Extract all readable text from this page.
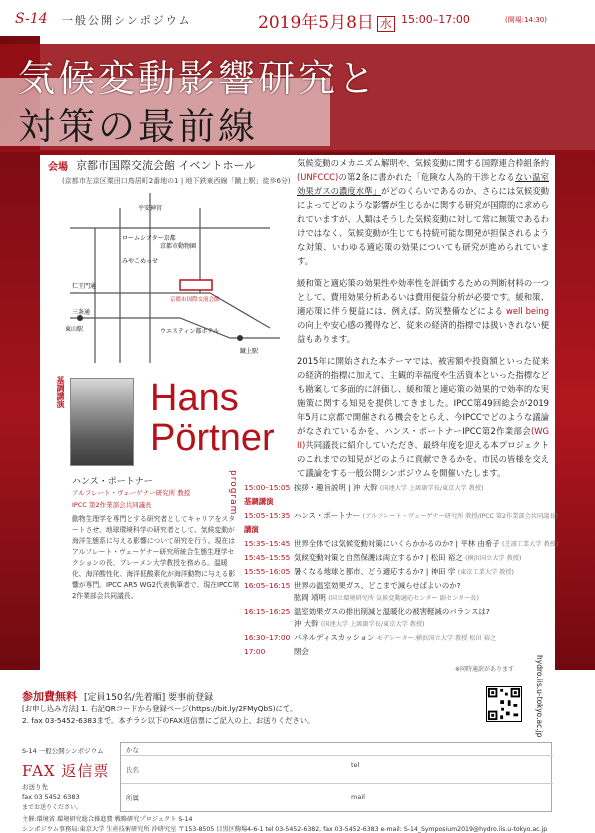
S-14 一般公開シンポジウム	2019年5月8日 水 15:00–17:00	(開場:14:30)
気候変動影響研究と
対策の最前線
会場 京都市国際交流会館 イベントホール
(京都市左京区粟田口鳥居町2番地の1 | 地下鉄東西線「蹴上駅」徒歩6分)
平安神宮
ロームシアター京都
京都市動物園
みやこめっせ
仁王門通
三条通
京都市国際交流会館
ウエスティン都ホテル
蹴上駅
東山駅

気候変動のメカニズム解明や、気候変動に関する国際連合枠組条約(UNFCCC)の第2条に書かれた「危険な人為的干渉となるない温室効果ガスの濃度水準」がどのくらいであるのか、さらには気候変動によってどのような影響が生じるかに関する研究が国際的に求められていますが、人類はそうした気候変動に対して常に無策であるわけではなく、気候変動が生じても持続可能な開発が担保されるような対策、いわゆる適応策の効果についても研究が進められています。

緩和策と適応策の効果性や効率性を評価するための判断材料の一つとして、費用効果分析あるいは費用便益分析が必要です。緩和策、適応策に伴う便益には、例えば、防災整備などによる well being の向上や安心感の獲得など、従来の経済的指標では扱いきれない便益もあります。

2015年に開始された本テーマでは、被害額や投資額といった従来の経済的指標に加えて、主観的幸福度や生活資本といった指標なども勘案して多面的に評価し、緩和策と適応策の効果的で効率的な実施策に関する知見を提供してきました。IPCC第49回総会が2019年5月に京都で開催される機会をとらえ、今IPCCでどのような議論がなされているかを、ハンス・ポートナーIPCC第2作業部会(WG II)共同議長に紹介していただき、最終年度を迎える本プロジェクトのこれまでの知見がどのように貢献できるかを、市民の皆様を交えて議論をする一般公開シンポジウムを開催いたします。

基調講演 Hans
Pörtner
ハンス・ポートナー
アルフレート・ヴェーゲナー研究所 教授
IPCC 第2作業部会共同議長
動物生理学を専門とする研究者としてキャリアをスタートさせ、地球環境科学の研究者として、気候変動が海洋生態系に与える影響について研究を行う。現在はアルフレート・ヴェーゲナー研究所統合生態生理学セクションの長、ブレーメン大学教授を務める。温暖化、海洋酸性化、海洋低酸素化が海洋動物に与える影響が専門。IPCC AR5 WG2代表執筆者で、現在IPCC第2作業部会共同議長。
program 15:00–15:05 挨拶・趣旨説明 | 沖 大幹 (国連大学 上級副学長/東京大学 教授)
基調講演
15:05–15:35 ハンス・ポートナー (アルフレート・ヴェーゲナー研究所 教授/IPCC 第2作業部会共同議長)
講演
15:35–15:45 世界全体では気候変動対策にいくらかかるのか? | 平林 由希子 (芝浦工業大学 教授)
15:45–15:55 気候変動対策と自然保護は両立するか? | 松田 裕之 (横浜国立大学 教授)
15:55–16:05 暑くなる地球と都市、どう適応するか? | 神田 学 (東京工業大学 教授)
16:05–16:15 世界の温室効果ガス、どこまで減らせばよいのか?
肱岡 靖明 (国立環境研究所 気候変動適応センター 副センター長)
16:15–16:25 温室効果ガスの排出削減と温暖化の被害軽減のバランスは?
沖 大幹 (国連大学 上級副学長/東京大学 教授)
16:30–17:00 パネルディスカッション モデレーター:横浜国立大学 教授 松田 裕之
17:00	閉会
※同時通訳があります
参加費無料 [定員150名/先着順] 要事前登録
[お申し込み方法] 1. 右記QRコードから登録ページ(https://bit.ly/2FMyQbS)にて。
2. fax 03-5452-6383まで。本チラシ以下のFAX返信票にご記入の上、お送りください。	hydro.iis.u-tokyo.ac.jp
S-14 一般公開シンポジウム
FAX 返信票
お送り先
fax 03 5452 6383
までお送りください。
かな
氏名
tel
所属	mail
主催:環境省 環境研究総合推進費 戦略研究プロジェクト S-14
シンポジウム事務局:東京大学 生産技術研究所 沖研究室 〒153-8505 目黒区駒場4-6-1 tel 03-5452-6382, fax 03-5452-6383 e-mail: S-14_Symposium2019@hydro.iis.u-tokyo.ac.jp
